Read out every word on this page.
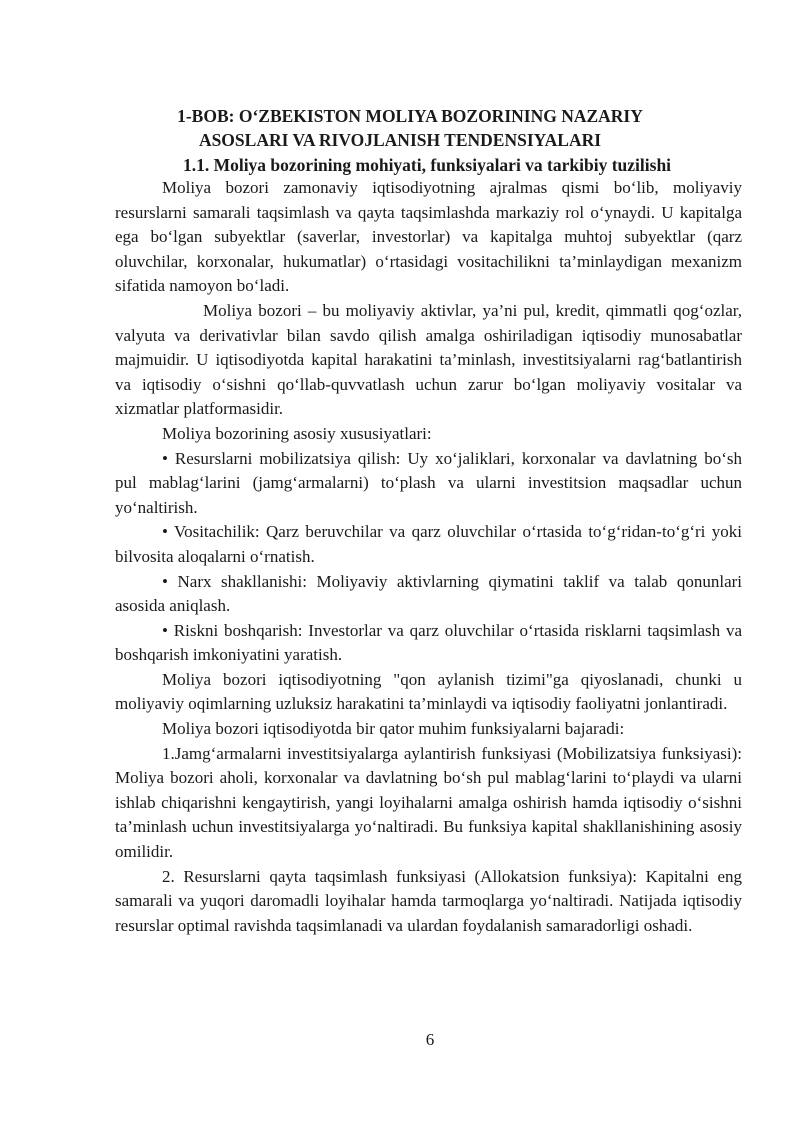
1-BOB: O‘ZBEKISTON MOLIYA BOZORINING NAZARIY
ASOSLARI VA RIVOJLANISH TENDENSIYALARI
1.1. Moliya bozorining mohiyati, funksiyalari va tarkibiy tuzilishi

Moliya bozori zamonaviy iqtisodiyotning ajralmas qismi bo‘lib, moliyaviy resurslarni samarali taqsimlash va qayta taqsimlashda markaziy rol o‘ynaydi. U kapitalga ega bo‘lgan subyektlar (saverlar, investorlar) va kapitalga muhtoj subyektlar (qarz oluvchilar, korxonalar, hukumatlar) o‘rtasidagi vositachilikni ta’minlaydigan mexanizm sifatida namoyon bo‘ladi.

Moliya bozori – bu moliyaviy aktivlar, ya’ni pul, kredit, qimmatli qog‘ozlar, valyuta va derivativlar bilan savdo qilish amalga oshiriladigan iqtisodiy munosabatlar majmuidir. U iqtisodiyotda kapital harakatini ta’minlash, investitsiyalarni rag‘batlantirish va iqtisodiy o‘sishni qo‘llab-quvvatlash uchun zarur bo‘lgan moliyaviy vositalar va xizmatlar platformasidir.

Moliya bozorining asosiy xususiyatlari:

• Resurslarni mobilizatsiya qilish: Uy xo‘jaliklari, korxonalar va davlatning bo‘sh pul mablag‘larini (jamg‘armalarni) to‘plash va ularni investitsion maqsadlar uchun yo‘naltirish.

• Vositachilik: Qarz beruvchilar va qarz oluvchilar o‘rtasida to‘g‘ridan-to‘g‘ri yoki bilvosita aloqalarni o‘rnatish.

• Narx shakllanishi: Moliyaviy aktivlarning qiymatini taklif va talab qonunlari asosida aniqlash.

• Riskni boshqarish: Investorlar va qarz oluvchilar o‘rtasida risklarni taqsimlash va boshqarish imkoniyatini yaratish.

Moliya bozori iqtisodiyotning "qon aylanish tizimi"ga qiyoslanadi, chunki u moliyaviy oqimlarning uzluksiz harakatini ta’minlaydi va iqtisodiy faoliyatni jonlantiradi.

Moliya bozori iqtisodiyotda bir qator muhim funksiyalarni bajaradi:

1.Jamg‘armalarni investitsiyalarga aylantirish funksiyasi (Mobilizatsiya funksiyasi): Moliya bozori aholi, korxonalar va davlatning bo‘sh pul mablag‘larini to‘playdi va ularni ishlab chiqarishni kengaytirish, yangi loyihalarni amalga oshirish hamda iqtisodiy o‘sishni ta’minlash uchun investitsiyalarga yo‘naltiradi. Bu funksiya kapital shakllanishining asosiy omilidir.

2. Resurslarni qayta taqsimlash funksiyasi (Allokatsion funksiya): Kapitalni eng samarali va yuqori daromadli loyihalar hamda tarmoqlarga yo‘naltiradi. Natijada iqtisodiy resurslar optimal ravishda taqsimlanadi va ulardan foydalanish samaradorligi oshadi.

6
